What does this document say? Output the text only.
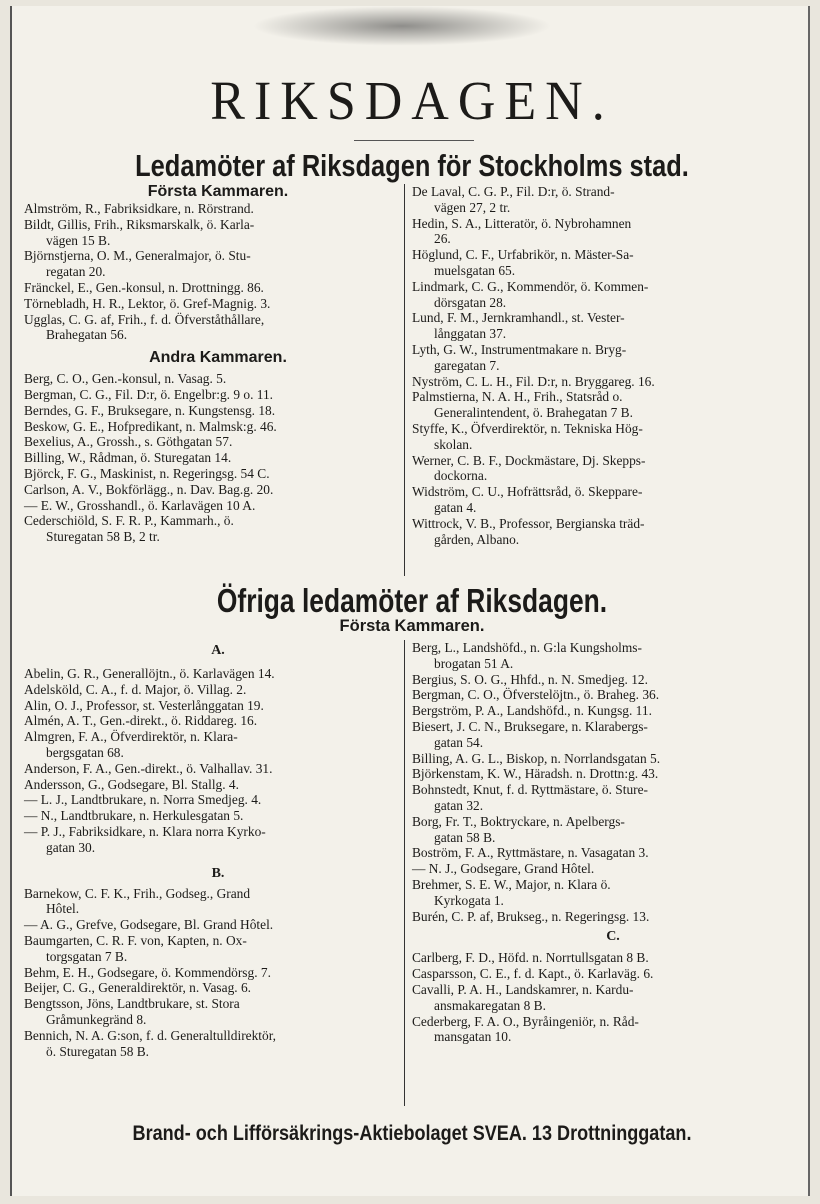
RIKSDAGEN.
Ledamöter af Riksdagen för Stockholms stad.
Första Kammaren.
Almström, R., Fabriksidkare, n. Rörstrand.
Bildt, Gillis, Frih., Riksmarskalk, ö. Karla-
vägen 15 B.
Björnstjerna, O. M., Generalmajor, ö. Stu-
regatan 20.
Fränckel, E., Gen.-konsul, n. Drottningg. 86.
Törnebladh, H. R., Lektor, ö. Gref-Magnig. 3.
Ugglas, C. G. af, Frih., f. d. Öfverståthållare,
Brahegatan 56.
Andra Kammaren.
Berg, C. O., Gen.-konsul, n. Vasag. 5.
Bergman, C. G., Fil. D:r, ö. Engelbr:g. 9 o. 11.
Berndes, G. F., Bruksegare, n. Kungstensg. 18.
Beskow, G. E., Hofpredikant, n. Malmsk:g. 46.
Bexelius, A., Grossh., s. Göthgatan 57.
Billing, W., Rådman, ö. Sturegatan 14.
Björck, F. G., Maskinist, n. Regeringsg. 54 C.
Carlson, A. V., Bokförlägg., n. Dav. Bag.g. 20.
— E. W., Grosshandl., ö. Karlavägen 10 A.
Cederschiöld, S. F. R. P., Kammarh., ö.
Sturegatan 58 B, 2 tr.
De Laval, C. G. P., Fil. D:r, ö. Strand-
vägen 27, 2 tr.
Hedin, S. A., Litteratör, ö. Nybrohamnen
26.
Höglund, C. F., Urfabrikör, n. Mäster-Sa-
muelsgatan 65.
Lindmark, C. G., Kommendör, ö. Kommen-
dörsgatan 28.
Lund, F. M., Jernkramhandl., st. Vester-
långgatan 37.
Lyth, G. W., Instrumentmakare n. Bryg-
garegatan 7.
Nyström, C. L. H., Fil. D:r, n. Bryggareg. 16.
Palmstierna, N. A. H., Frih., Statsråd o.
Generalintendent, ö. Brahegatan 7 B.
Styffe, K., Öfverdirektör, n. Tekniska Hög-
skolan.
Werner, C. B. F., Dockmästare, Dj. Skepps-
dockorna.
Widström, C. U., Hofrättsråd, ö. Skeppare-
gatan 4.
Wittrock, V. B., Professor, Bergianska träd-
gården, Albano.
Öfriga ledamöter af Riksdagen.
Första Kammaren.
A.
Abelin, G. R., Generallöjtn., ö. Karlavägen 14.
Adelsköld, C. A., f. d. Major, ö. Villag. 2.
Alin, O. J., Professor, st. Vesterlånggatan 19.
Almén, A. T., Gen.-direkt., ö. Riddareg. 16.
Almgren, F. A., Öfverdirektör, n. Klara-
bergsgatan 68.
Anderson, F. A., Gen.-direkt., ö. Valhallav. 31.
Andersson, G., Godsegare, Bl. Stallg. 4.
— L. J., Landtbrukare, n. Norra Smedjeg. 4.
— N., Landtbrukare, n. Herkulesgatan 5.
— P. J., Fabriksidkare, n. Klara norra Kyrko-
gatan 30.
B.
Barnekow, C. F. K., Frih., Godseg., Grand
Hôtel.
— A. G., Grefve, Godsegare, Bl. Grand Hôtel.
Baumgarten, C. R. F. von, Kapten, n. Ox-
torgsgatan 7 B.
Behm, E. H., Godsegare, ö. Kommendörsg. 7.
Beijer, C. G., Generaldirektör, n. Vasag. 6.
Bengtsson, Jöns, Landtbrukare, st. Stora
Gråmunkegränd 8.
Bennich, N. A. G:son, f. d. Generaltulldirektör,
ö. Sturegatan 58 B.
Berg, L., Landshöfd., n. G:la Kungsholms-
brogatan 51 A.
Bergius, S. O. G., Hhfd., n. N. Smedjeg. 12.
Bergman, C. O., Öfverstelöjtn., ö. Braheg. 36.
Bergström, P. A., Landshöfd., n. Kungsg. 11.
Biesert, J. C. N., Bruksegare, n. Klarabergs-
gatan 54.
Billing, A. G. L., Biskop, n. Norrlandsgatan 5.
Björkenstam, K. W., Häradsh. n. Drottn:g. 43.
Bohnstedt, Knut, f. d. Ryttmästare, ö. Sture-
gatan 32.
Borg, Fr. T., Boktryckare, n. Apelbergs-
gatan 58 B.
Boström, F. A., Ryttmästare, n. Vasagatan 3.
— N. J., Godsegare, Grand Hôtel.
Brehmer, S. E. W., Major, n. Klara ö.
Kyrkogata 1.
Burén, C. P. af, Brukseg., n. Regeringsg. 13.
C.
Carlberg, F. D., Höfd. n. Norrtullsgatan 8 B.
Casparsson, C. E., f. d. Kapt., ö. Karlaväg. 6.
Cavalli, P. A. H., Landskamrer, n. Kardu-
ansmakaregatan 8 B.
Cederberg, F. A. O., Byråingeniör, n. Råd-
mansgatan 10.
Brand- och Lifförsäkrings-Aktiebolaget SVEA. 13 Drottninggatan.
